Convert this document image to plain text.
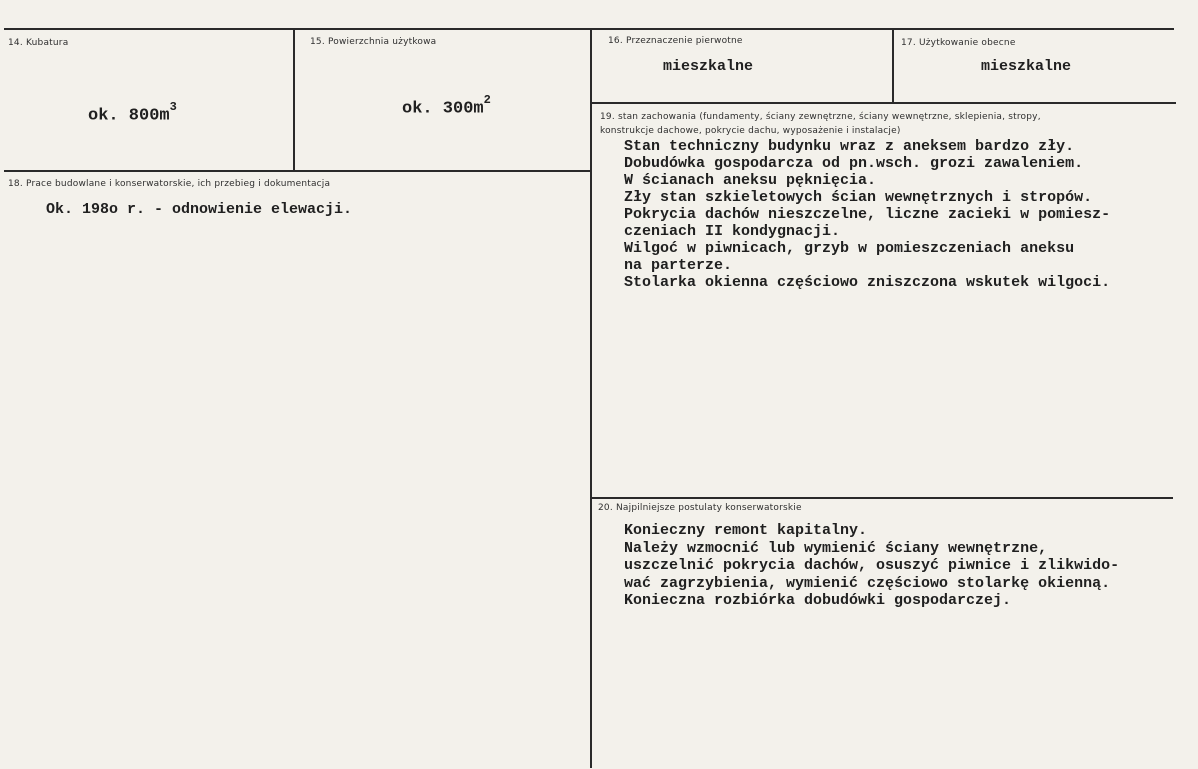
14. Kubatura
ok. $800m^3$
15. Powierzchnia użytkowa
ok. $300m^2$
16. Przeznaczenie pierwotne
mieszkalne
17. Użytkowanie obecne
mieszkalne
18. Prace budowlane i konserwatorskie, ich przebieg i dokumentacja
Ok. 198o r. - odnowienie elewacji.
19. stan zachowania (fundamenty, ściany zewnętrzne, ściany wewnętrzne, sklepienia, stropy, konstrukcje dachowe, pokrycie dachu, wyposażenie i instalacje)
Stan techniczny budynku wraz z aneksem bardzo zły.
Dobudówka gospodarcza od pn.wsch. grozi zawaleniem.
W ścianach aneksu pęknięcia.
Zły stan szkieletowych ścian wewnętrznych i stropów.
Pokrycia dachów nieszczelne, liczne zacieki w pomiesz-
czeniach II kondygnacji.
Wilgoć w piwnicach, grzyb w pomieszczeniach aneksu
na parterze.
Stolarka okienna częściowo zniszczona wskutek wilgoci.
20. Najpilniejsze postulaty konserwatorskie
Konieczny remont kapitalny.
Należy wzmocnić lub wymienić ściany wewnętrzne,
uszczelnić pokrycia dachów, osuszyć piwnice i zlikwido-
wać zagrzybienia, wymienić częściowo stolarkę okienną.
Konieczna rozbiórka dobudówki gospodarczej.
